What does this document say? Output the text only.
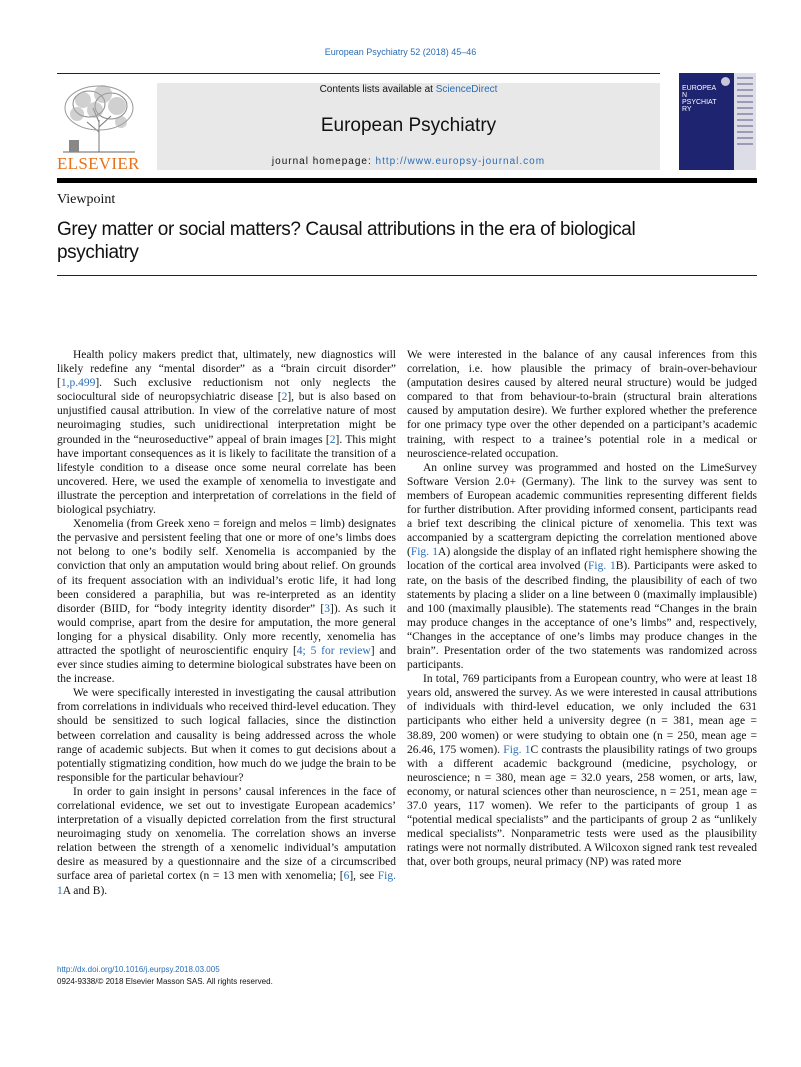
European Psychiatry 52 (2018) 45–46
ELSEVIER
Contents lists available at ScienceDirect
European Psychiatry
journal homepage: http://www.europsy-journal.com
EUROPEAN PSYCHIATRY
Viewpoint
Grey matter or social matters? Causal attributions in the era of biological psychiatry

Health policy makers predict that, ultimately, new diagnostics will likely redefine any “mental disorder” as a “brain circuit disorder” [1,p.499]. Such exclusive reductionism not only neglects the sociocultural side of neuropsychiatric disease [2], but is also based on unjustified causal attribution. In view of the correlative nature of most neuroimaging studies, such unidirectional interpretation might be grounded in the “neuroseductive” appeal of brain images [2]. This might have important consequences as it is likely to facilitate the transition of a lifestyle condition to a disease once some neural correlate has been uncovered. Here, we used the example of xenomelia to investigate and illustrate the perception and interpretation of correlations in the field of biological psychiatry.

Xenomelia (from Greek xeno = foreign and melos = limb) designates the pervasive and persistent feeling that one or more of one’s limbs does not belong to one’s bodily self. Xenomelia is accompanied by the conviction that only an amputation would bring about relief. On grounds of its frequent association with an individual’s erotic life, it had long been considered a paraphilia, but was re-interpreted as an identity disorder (BIID, for “body integrity identity disorder” [3]). As such it would comprise, apart from the desire for amputation, the more general longing for a physical disability. Only more recently, xenomelia has attracted the spotlight of neuroscientific enquiry [4; 5 for review] and ever since studies aiming to determine biological substrates have been on the increase.

We were specifically interested in investigating the causal attribution from correlations in individuals who received third-level education. They should be sensitized to such logical fallacies, since the distinction between correlation and causality is being addressed across the whole range of academic subjects. But when it comes to gut decisions about a potentially stigmatizing condition, how much do we judge the brain to be responsible for the particular behaviour?

In order to gain insight in persons’ causal inferences in the face of correlational evidence, we set out to investigate European academics’ interpretation of a visually depicted correlation from the first structural neuroimaging study on xenomelia. The correlation shows an inverse relation between the strength of a xenomelic individual’s amputation desire as measured by a questionnaire and the size of a circumscribed surface area of parietal cortex (n = 13 men with xenomelia; [6], see Fig. 1A and B).

We were interested in the balance of any causal inferences from this correlation, i.e. how plausible the primacy of brain-over-behaviour (amputation desires caused by altered neural structure) would be judged compared to that from behaviour-to-brain (structural brain alterations caused by amputation desire). We further explored whether the preference for one primacy type over the other depended on a participant’s academic training, with respect to a trainee’s potential role in a medical or neuroscience-related occupation.

An online survey was programmed and hosted on the LimeSurvey Software Version 2.0+ (Germany). The link to the survey was sent to members of European academic communities representing different fields for further distribution. After providing informed consent, participants read a brief text describing the clinical picture of xenomelia. This text was accompanied by a scattergram depicting the correlation mentioned above (Fig. 1A) alongside the display of an inflated right hemisphere showing the location of the cortical area involved (Fig. 1B). Participants were asked to rate, on the basis of the described finding, the plausibility of each of two statements by placing a slider on a line between 0 (maximally implausible) and 100 (maximally plausible). The statements read “Changes in the brain may produce changes in the acceptance of one’s limbs” and, respectively, “Changes in the acceptance of one’s limbs may produce changes in the brain”. Presentation order of the two statements was randomized across participants.

In total, 769 participants from a European country, who were at least 18 years old, answered the survey. As we were interested in causal attributions of individuals with third-level education, we only included the 631 participants who either held a university degree (n = 381, mean age = 38.89, 200 women) or were studying to obtain one (n = 250, mean age = 26.46, 175 women). Fig. 1C contrasts the plausibility ratings of two groups with a different academic background (medicine, psychology, or neuroscience; n = 380, mean age = 32.0 years, 258 women, or arts, law, economy, or natural sciences other than neuroscience, n = 251, mean age = 37.0 years, 117 women). We refer to the participants of group 1 as “potential medical specialists” and the participants of group 2 as “unlikely medical specialists”. Nonparametric tests were used as the plausibility ratings were not normally distributed. A Wilcoxon signed rank test revealed that, over both groups, neural primacy (NP) was rated more

http://dx.doi.org/10.1016/j.eurpsy.2018.03.005
0924-9338/© 2018 Elsevier Masson SAS. All rights reserved.
